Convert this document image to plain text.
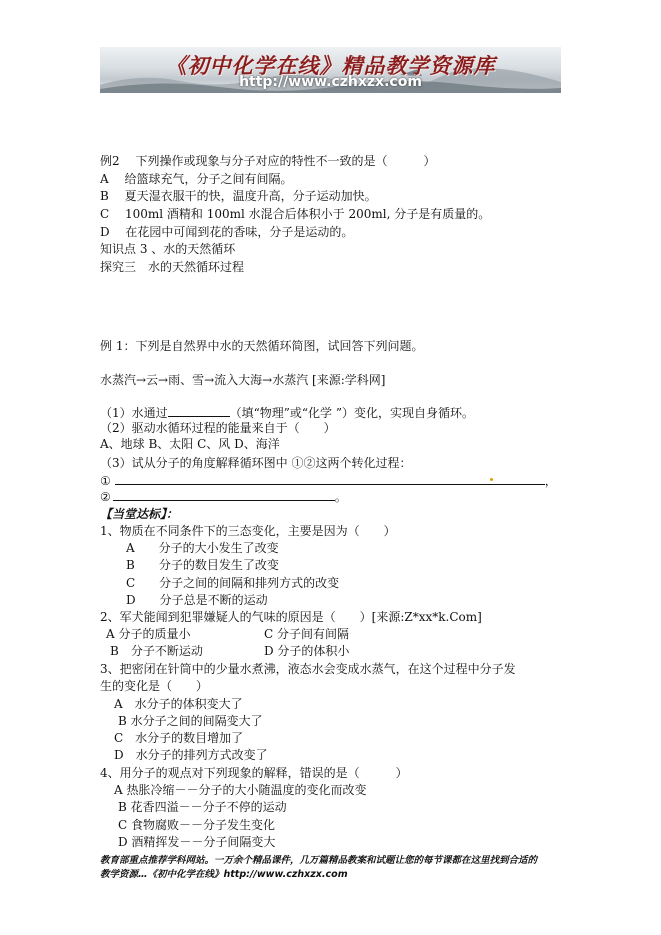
《初中化学在线》精品教学资源库
http://www.czhxzx.com
例2　 下列操作或现象与分子对应的特性不一致的是（　　　）
A　 给篮球充气，分子之间有间隔。
B　 夏天湿衣服干的快，温度升高，分子运动加快。
C　 100ml 酒精和 100ml 水混合后体积小于 200ml, 分子是有质量的。
D　 在花园中可闻到花的香味，分子是运动的。
知识点 3 、水的天然循环
探究三　水的天然循环过程
例 1：下列是自然界中水的天然循环简图，试回答下列问题。
水蒸汽→云→雨、雪→流入大海→水蒸汽 [来源:学科网]
（1）水通过	（填“物理”或“化学 ”）变化，实现自身循环。
（2）驱动水循环过程的能量来自于（　　）
A、地球 B、太阳 C、风 D、海洋
（3）试从分子的角度解释循环图中 ①②这两个转化过程：
①	，
②	。
【当堂达标】：
1、物质在不同条件下的三态变化，主要是因为（　　）
A　　分子的大小发生了改变
B　　分子的数目发生了改变
C　　分子之间的间隔和排列方式的改变
D　　分子总是不断的运动
2、军犬能闻到犯罪嫌疑人的气味的原因是（　　）[来源:Z*xx*k.Com]
A 分子的质量小	C 分子间有间隔
B　分子不断运动	D 分子的体积小
3、把密闭在针筒中的少量水煮沸，液态水会变成水蒸气，在这个过程中分子发
生的变化是（　　）
A　水分子的体积变大了
B 水分子之间的间隔变大了
C　水分子的数目增加了
D　水分子的排列方式改变了
4、用分子的观点对下列现象的解释，错误的是（　　　）
A 热胀冷缩－－分子的大小随温度的变化而改变
B 花香四溢－－分子不停的运动
C 食物腐败－－分子发生变化
D 酒精挥发－－分子间隔变大
教育部重点推荐学科网站。一万余个精品课件，几万篇精品教案和试题让您的每节课都在这里找到合适的
教学资源…《初中化学在线》http://www.czhxzx.com
